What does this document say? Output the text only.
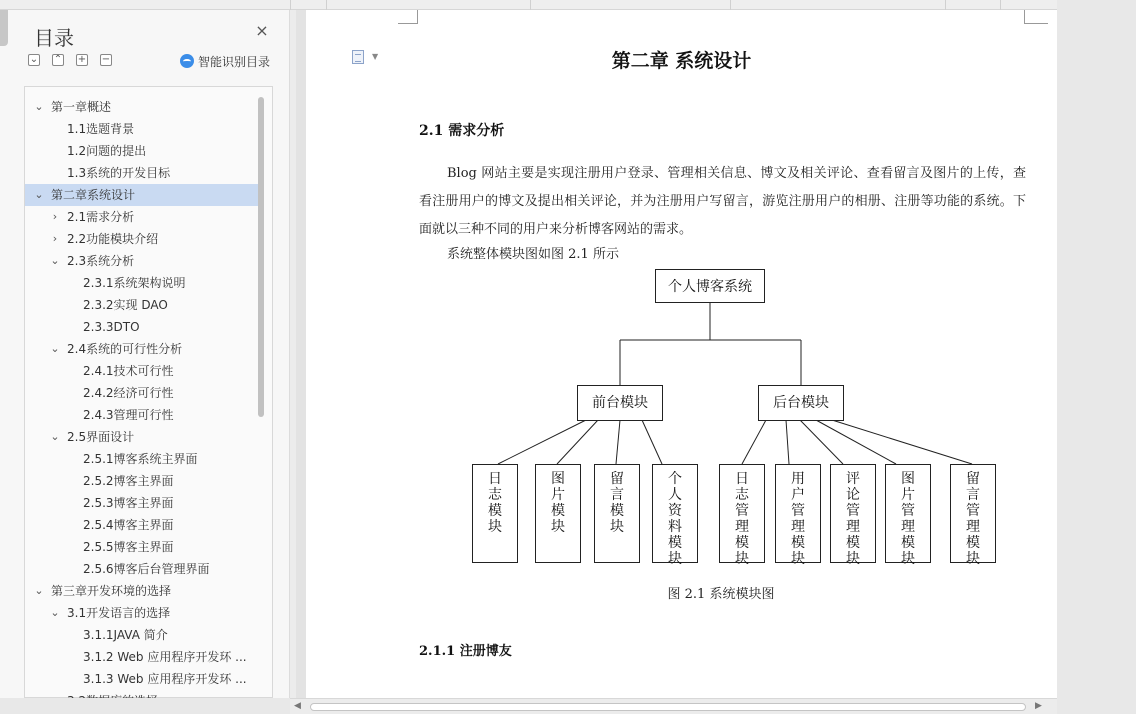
目录	×
⌄ ⌃ + −	智能识别目录
⌄ 第一章概述
1.1选题背景
1.2问题的提出
1.3系统的开发目标
⌄ 第二章系统设计
› 2.1需求分析
› 2.2功能模块介绍
⌄ 2.3系统分析
2.3.1系统架构说明
2.3.2实现 DAO
2.3.3DTO
⌄ 2.4系统的可行性分析
2.4.1技术可行性
2.4.2经济可行性
2.4.3管理可行性
⌄ 2.5界面设计
2.5.1博客系统主界面
2.5.2博客主界面
2.5.3博客主界面
2.5.4博客主界面
2.5.5博客主界面
2.5.6博客后台管理界面
⌄ 第三章开发环境的选择
⌄ 3.1开发语言的选择
3.1.1JAVA 简介
3.1.2 Web 应用程序开发环 ...
3.1.3 Web 应用程序开发环 ...
▼	第二章 系统设计
2.1 需求分析
Blog 网站主要是实现注册用户登录、管理相关信息、博文及相关评论、查看留言及图片的上传，查看注册用户的博文及提出相关评论，并为注册用户写留言，游览注册用户的相册、注册等功能的系统。下面就以三种不同的用户来分析博客网站的需求。
系统整体模块图如图 2.1 所示
个人博客系统
前台模块	后台模块
日志模块
图片模块
留言模块
个人资料模块
日志管理模块
用户管理模块
评论管理模块
图片管理模块
留言管理模块
图 2.1 系统模块图
2.1.1 注册博友
◀	▶
